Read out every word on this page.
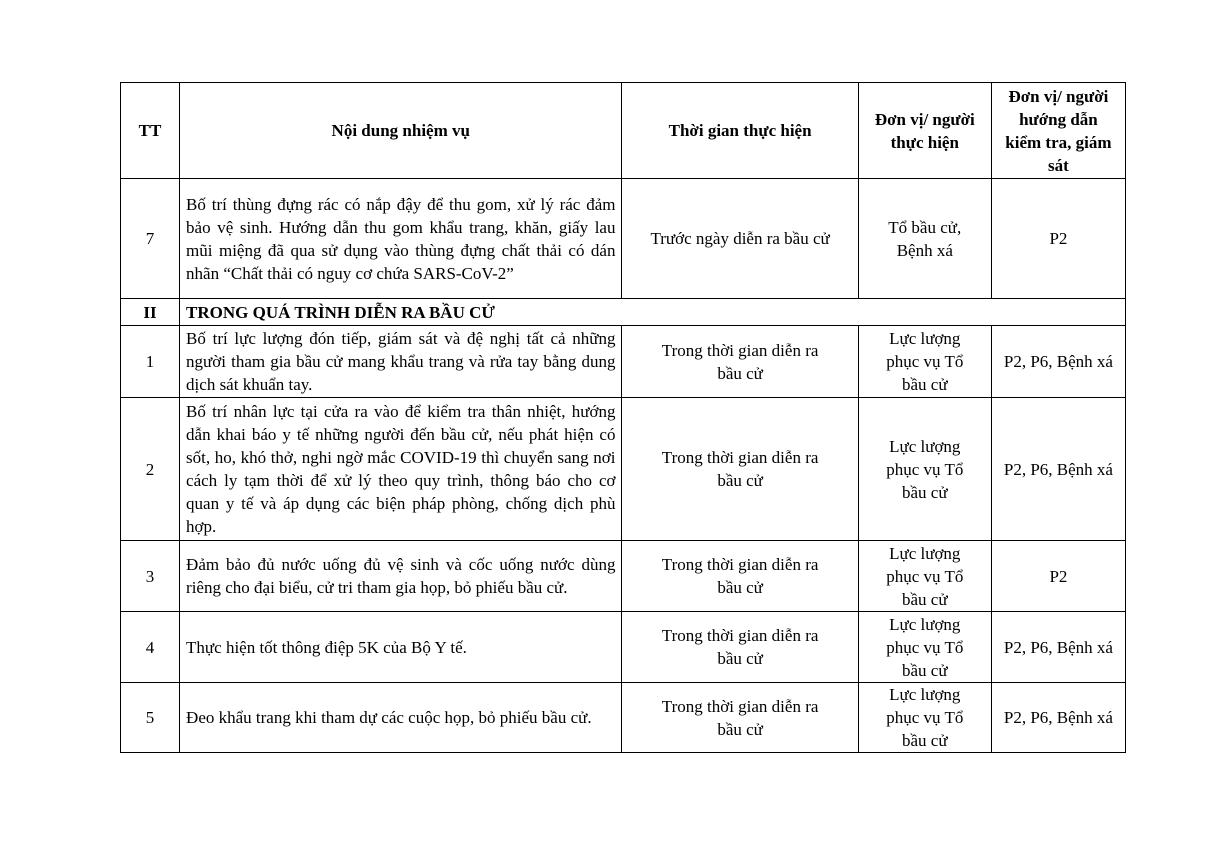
TT	Nội dung nhiệm vụ	Thời gian thực hiện	Đơn vị/ người thực hiện	Đơn vị/ người hướng dẫn kiểm tra, giám sát
7	Bố trí thùng đựng rác có nắp đậy để thu gom, xử lý rác đảm bảo vệ sinh. Hướng dẫn thu gom khẩu trang, khăn, giấy lau mũi miệng đã qua sử dụng vào thùng đựng chất thải có dán nhãn “Chất thải có nguy cơ chứa SARS-CoV-2”	Trước ngày diễn ra bầu cử	Tổ bầu cử, Bệnh xá	P2
II	TRONG QUÁ TRÌNH DIỄN RA BẦU CỬ			
1	Bố trí lực lượng đón tiếp, giám sát và đệ nghị tất cả những người tham gia bầu cử mang khẩu trang và rửa tay bằng dung dịch sát khuẩn tay.	Trong thời gian diễn ra bầu cử	Lực lượng phục vụ Tổ bầu cử	P2, P6, Bệnh xá
2	Bố trí nhân lực tại cửa ra vào để kiểm tra thân nhiệt, hướng dẫn khai báo y tế những người đến bầu cử, nếu phát hiện có sốt, ho, khó thở, nghi ngờ mắc COVID-19 thì chuyển sang nơi cách ly tạm thời để xử lý theo quy trình, thông báo cho cơ quan y tế và áp dụng các biện pháp phòng, chống dịch phù hợp.	Trong thời gian diễn ra bầu cử	Lực lượng phục vụ Tổ bầu cử	P2, P6, Bệnh xá
3	Đảm bảo đủ nước uống đủ vệ sinh và cốc uống nước dùng riêng cho đại biểu, cử tri tham gia họp, bỏ phiếu bầu cử.	Trong thời gian diễn ra bầu cử	Lực lượng phục vụ Tổ bầu cử	P2
4	Thực hiện tốt thông điệp 5K của Bộ Y tế.	Trong thời gian diễn ra bầu cử	Lực lượng phục vụ Tổ bầu cử	P2, P6, Bệnh xá
5	Đeo khẩu trang khi tham dự các cuộc họp, bỏ phiếu bầu cử.	Trong thời gian diễn ra bầu cử	Lực lượng phục vụ Tổ bầu cử	P2, P6, Bệnh xá
